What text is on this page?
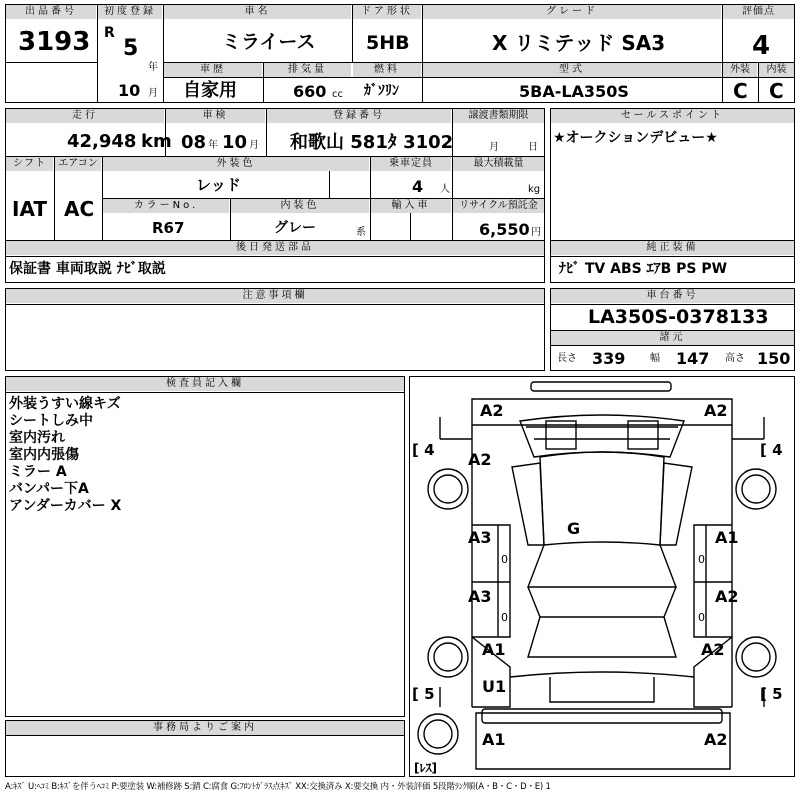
出品番号
3193
初度登録
R
5
年
10 月
車名
ミライース
ドア形状
5HB
グレード
X リミテッド SA3
評価点
4
車歴
自家用
排気量
660 cc
燃料
ｶﾞｿﾘﾝ
型式
5BA-LA350S
外装
C
内装
C
走行
42,948 km
車検
08 年 10 月
登録番号
和歌山 581ﾀ 3102
譲渡書類期限
月	日
シフト
IAT
エアコン
AC
外装色
レッド
乗車定員
4 人
最大積載量
kg
カラーNo.
R67
内装色
グレー	系
輸入車	リサイクル預託金
6,550 円
後日発送部品
保証書 車両取説 ﾅﾋﾞ取説
セールスポイント
★オークションデビュー★
純正装備
ﾅﾋﾞ TV ABS ｴｱB PS PW
注意事項欄	車台番号
LA350S-0378133
諸元
長さ 339 幅 147 高さ 150
検査員記入欄
外装うすい線キズ
シートしみ中
室内汚れ
室内内張傷
ミラー A
バンパー下A
アンダーカバー X
事務局よりご案内
A2	A2
A2
G
A3	A1
A3	A2
A1	A2
U1
A1	A2
0	0
0	0
[ 4	[ 4
[ 5	[ 5
[ﾚｽ]
A:ｷｽﾞ U:ﾍｺﾐ B:ｷｽﾞを伴うﾍｺﾐ P:要塗装 W:補修跡 S:錆 C:腐食 G:ﾌﾛﾝﾄｶﾞﾗｽ点ｷｽﾞ XX:交換済み X:要交換 内・外装評価 5段階ﾗﾝｸ順(A・B・C・D・E) 1
